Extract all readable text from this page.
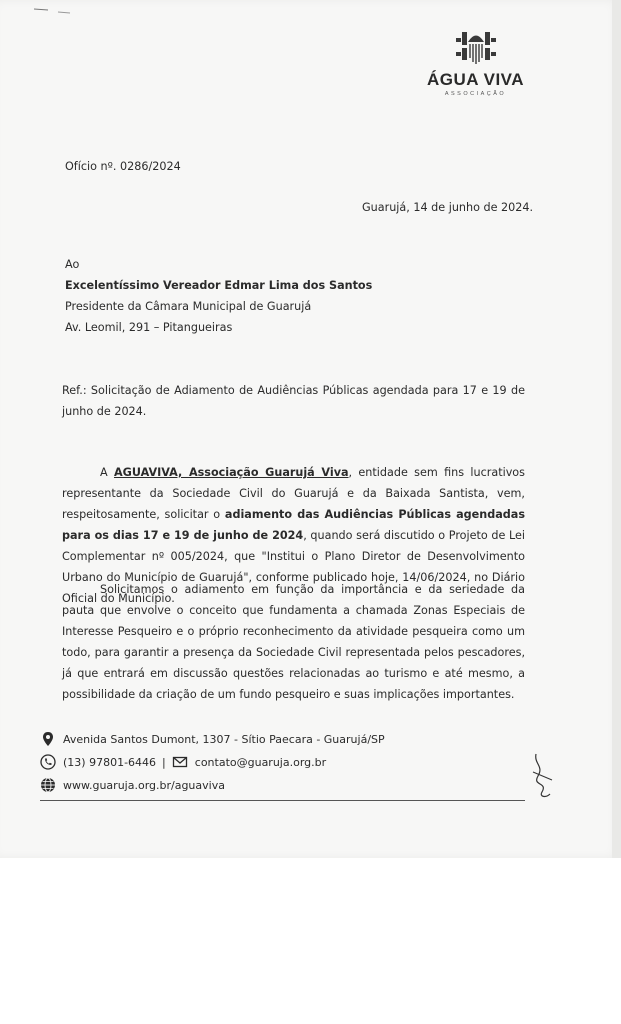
ÁGUA VIVA
ASSOCIAÇÃO
Ofício nº. 0286/2024
Guarujá, 14 de junho de 2024.
Ao
Excelentíssimo Vereador Edmar Lima dos Santos
Presidente da Câmara Municipal de Guarujá
Av. Leomil, 291 – Pitangueiras
Ref.: Solicitação de Adiamento de Audiências Públicas agendada para 17 e 19 de junho de 2024.
A AGUAVIVA, Associação Guarujá Viva, entidade sem fins lucrativos representante da Sociedade Civil do Guarujá e da Baixada Santista, vem, respeitosamente, solicitar o adiamento das Audiências Públicas agendadas para os dias 17 e 19 de junho de 2024, quando será discutido o Projeto de Lei Complementar nº 005/2024, que "Institui o Plano Diretor de Desenvolvimento Urbano do Município de Guarujá", conforme publicado hoje, 14/06/2024, no Diário Oficial do Município.
Solicitamos o adiamento em função da importância e da seriedade da pauta que envolve o conceito que fundamenta a chamada Zonas Especiais de Interesse Pesqueiro e o próprio reconhecimento da atividade pesqueira como um todo, para garantir a presença da Sociedade Civil representada pelos pescadores, já que entrará em discussão questões relacionadas ao turismo e até mesmo, a possibilidade da criação de um fundo pesqueiro e suas implicações importantes.
Avenida Santos Dumont, 1307 - Sítio Paecara - Guarujá/SP
(13) 97801-6446 |	contato@guaruja.org.br
www.guaruja.org.br/aguaviva
